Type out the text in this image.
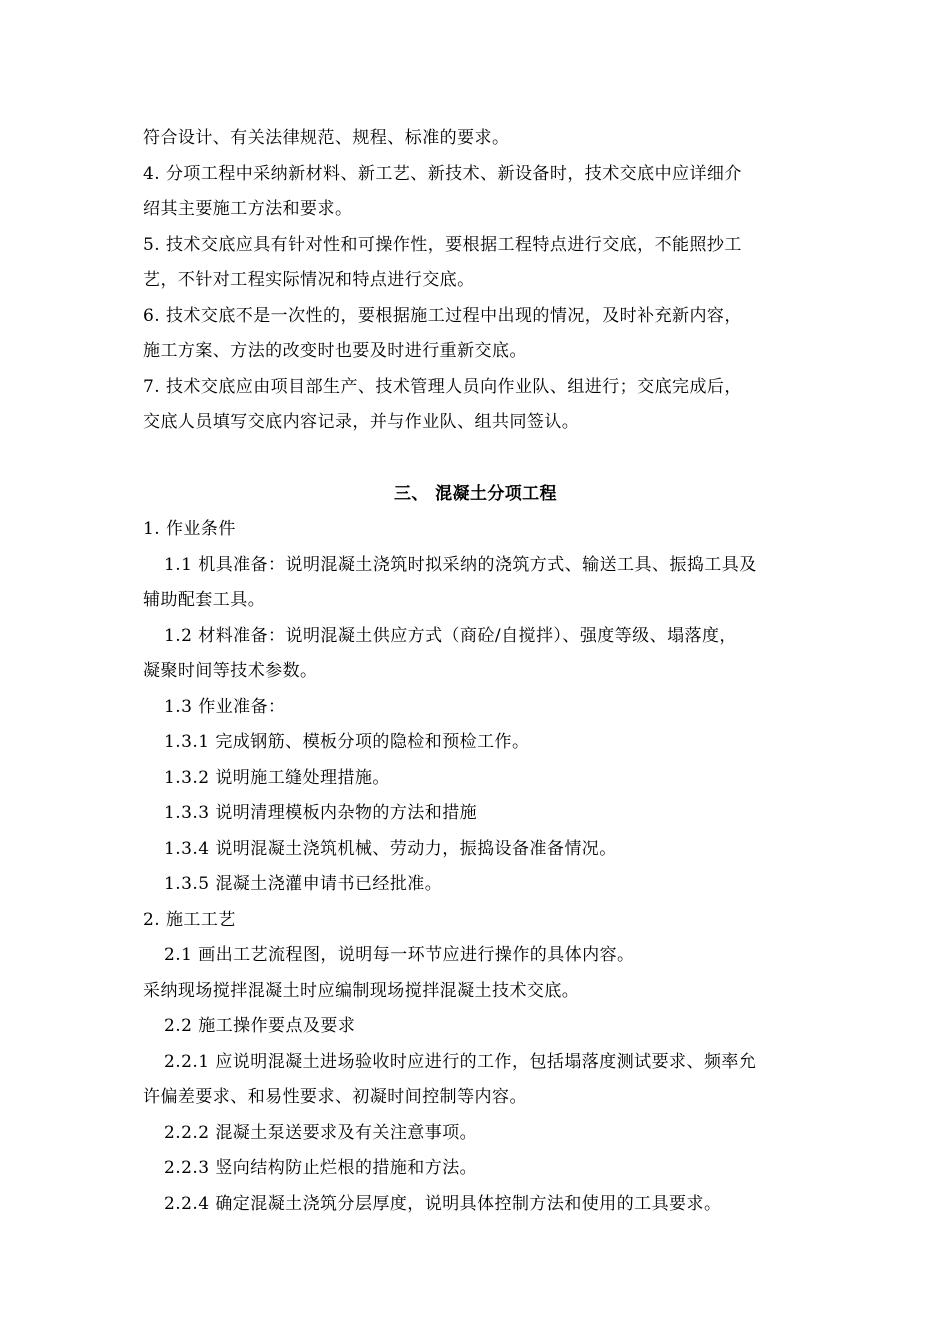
符合设计、有关法律规范、规程、标准的要求。
4. 分项工程中采纳新材料、新工艺、新技术、新设备时，技术交底中应详细介
绍其主要施工方法和要求。
5. 技术交底应具有针对性和可操作性，要根据工程特点进行交底，不能照抄工
艺，不针对工程实际情况和特点进行交底。
6. 技术交底不是一次性的，要根据施工过程中出现的情况，及时补充新内容，
施工方案、方法的改变时也要及时进行重新交底。
7. 技术交底应由项目部生产、技术管理人员向作业队、组进行；交底完成后，
交底人员填写交底内容记录，并与作业队、组共同签认。
三、 混凝土分项工程
1. 作业条件
1.1 机具准备：说明混凝土浇筑时拟采纳的浇筑方式、输送工具、振捣工具及
辅助配套工具。
1.2 材料准备：说明混凝土供应方式（商砼/自搅拌）、强度等级、塌落度，
凝聚时间等技术参数。
1.3 作业准备：
1.3.1 完成钢筋、模板分项的隐检和预检工作。
1.3.2 说明施工缝处理措施。
1.3.3 说明清理模板内杂物的方法和措施
1.3.4 说明混凝土浇筑机械、劳动力，振捣设备准备情况。
1.3.5 混凝土浇灌申请书已经批准。
2. 施工工艺
2.1 画出工艺流程图，说明每一环节应进行操作的具体内容。
采纳现场搅拌混凝土时应编制现场搅拌混凝土技术交底。
2.2 施工操作要点及要求
2.2.1 应说明混凝土进场验收时应进行的工作，包括塌落度测试要求、频率允
许偏差要求、和易性要求、初凝时间控制等内容。
2.2.2 混凝土泵送要求及有关注意事项。
2.2.3 竖向结构防止烂根的措施和方法。
2.2.4 确定混凝土浇筑分层厚度，说明具体控制方法和使用的工具要求。
